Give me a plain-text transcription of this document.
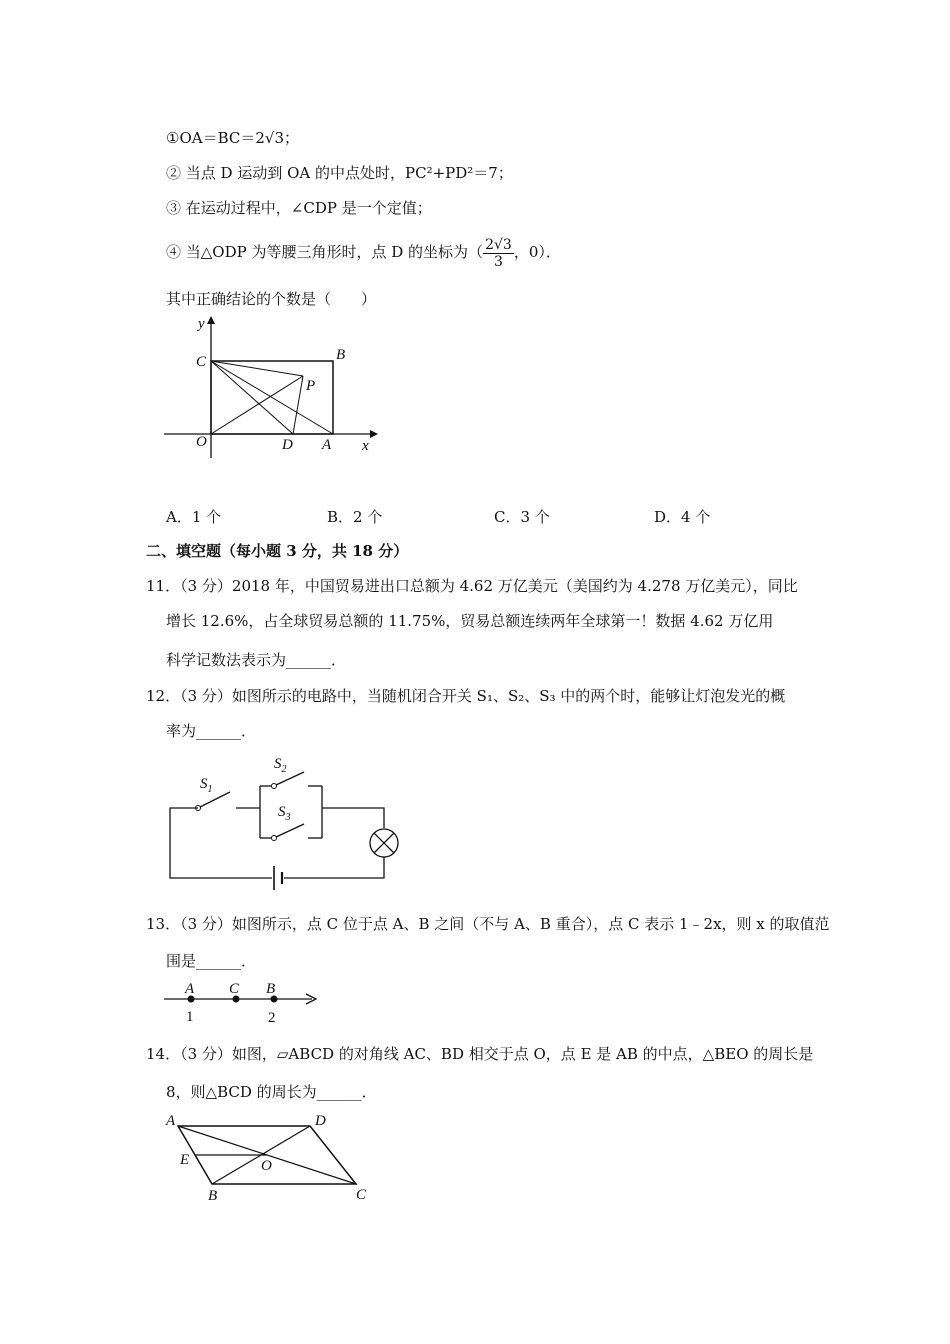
①OA＝BC＝2√3；
② 当点 D 运动到 OA 的中点处时，PC²+PD²＝7；
③ 在运动过程中，∠CDP 是一个定值；
④ 当△ODP 为等腰三角形时，点 D 的坐标为（ $\frac{2√3}{3}$ ，0）．
其中正确结论的个数是（　　）
y
C	B
P
O	D A x
A．1 个	B．2 个	C．3 个	D．4 个
二、填空题（每小题 3 分，共 18 分）
11．（3 分）2018 年，中国贸易进出口总额为 4.62 万亿美元（美国约为 4.278 万亿美元），同比
增长 12.6%，占全球贸易总额的 11.75%，贸易总额连续两年全球第一！数据 4.62 万亿用
科学记数法表示为______．
12．（3 分）如图所示的电路中，当随机闭合开关 S₁、S₂、S₃ 中的两个时，能够让灯泡发光的概
率为______．
$S_1$
$S_2$
$S_3$
13．（3 分）如图所示，点 C 位于点 A、B 之间（不与 A、B 重合），点 C 表示 1﹣2x，则 x 的取值范
围是______．
A C B
1	2
14．（3 分）如图，▱ABCD 的对角线 AC、BD 相交于点 O，点 E 是 AB 的中点，△BEO 的周长是
8，则△BCD 的周长为______．
A	D
E	O
B	C
